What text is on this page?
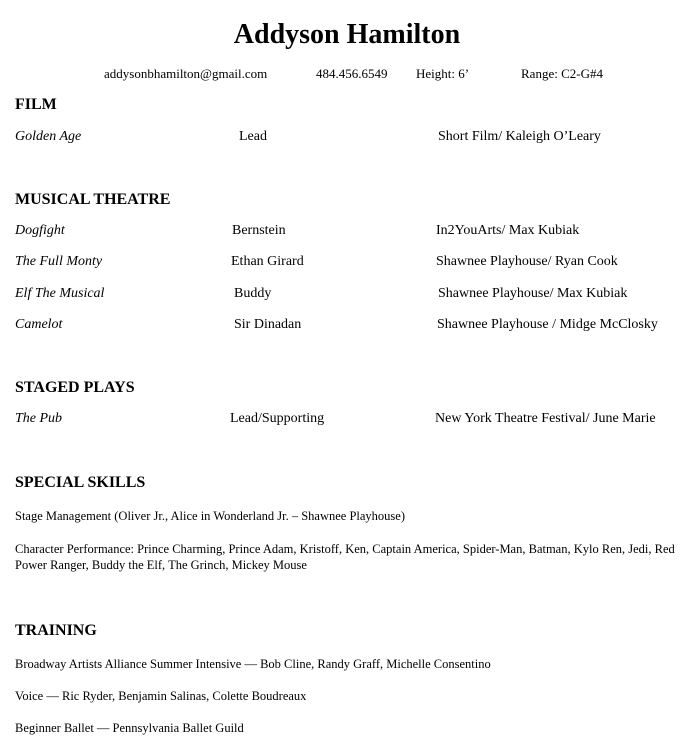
Addyson Hamilton
addysonbhamilton@gmail.com	484.456.6549 Height: 6’	Range: C2-G#4
FILM
Golden Age	Lead	Short Film/ Kaleigh O’Leary
MUSICAL THEATRE
Dogfight	Bernstein	In2YouArts/ Max Kubiak
The Full Monty	Ethan Girard	Shawnee Playhouse/ Ryan Cook
Elf The Musical	Buddy	Shawnee Playhouse/ Max Kubiak
Camelot	Sir Dinadan	Shawnee Playhouse / Midge McClosky
STAGED PLAYS
The Pub	Lead/Supporting	New York Theatre Festival/ June Marie
SPECIAL SKILLS
Stage Management (Oliver Jr., Alice in Wonderland Jr. – Shawnee Playhouse)
Character Performance: Prince Charming, Prince Adam, Kristoff, Ken, Captain America, Spider-Man, Batman, Kylo Ren, Jedi, Red Power Ranger, Buddy the Elf, The Grinch, Mickey Mouse
TRAINING
Broadway Artists Alliance Summer Intensive — Bob Cline, Randy Graff, Michelle Consentino
Voice — Ric Ryder, Benjamin Salinas, Colette Boudreaux
Beginner Ballet — Pennsylvania Ballet Guild
